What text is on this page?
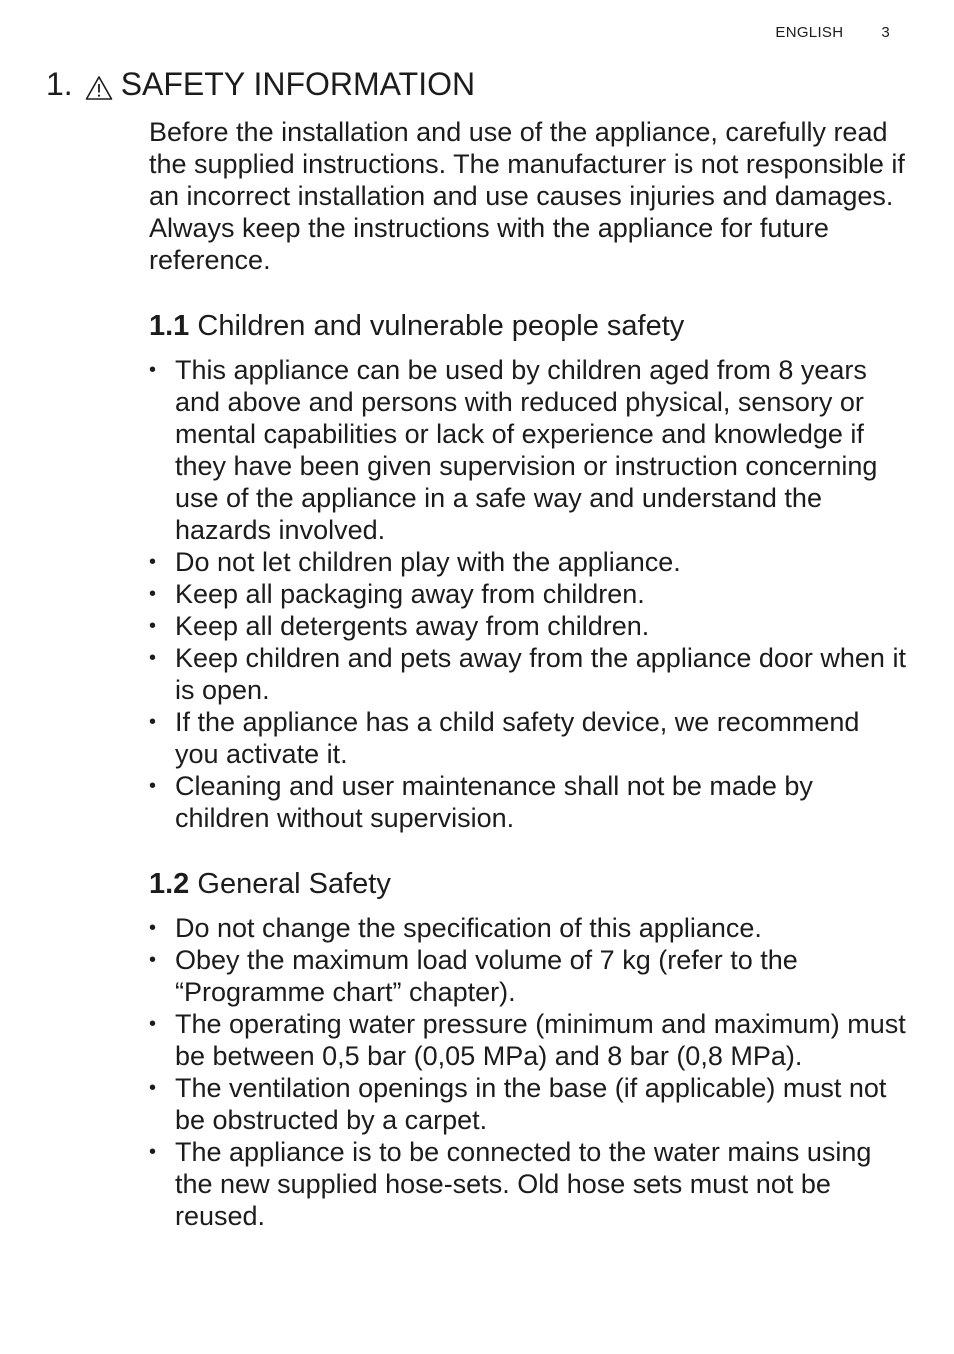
ENGLISH	3
1. SAFETY INFORMATION

Before the installation and use of the appliance, carefully read the supplied instructions. The manufacturer is not responsible if an incorrect installation and use causes injuries and damages. Always keep the instructions with the appliance for future reference.

1.1 Children and vulnerable people safety
• This appliance can be used by children aged from 8 years and above and persons with reduced physical, sensory or mental capabilities or lack of experience and knowledge if they have been given supervision or instruction concerning use of the appliance in a safe way and understand the hazards involved.
• Do not let children play with the appliance.
• Keep all packaging away from children.
• Keep all detergents away from children.
• Keep children and pets away from the appliance door when it is open.
• If the appliance has a child safety device, we recommend you activate it.
• Cleaning and user maintenance shall not be made by children without supervision.
1.2 General Safety
• Do not change the specification of this appliance.
• Obey the maximum load volume of 7 kg (refer to the “Programme chart” chapter).
• The operating water pressure (minimum and maximum) must be between 0,5 bar (0,05 MPa) and 8 bar (0,8 MPa).
• The ventilation openings in the base (if applicable) must not be obstructed by a carpet.
• The appliance is to be connected to the water mains using the new supplied hose-sets. Old hose sets must not be reused.
